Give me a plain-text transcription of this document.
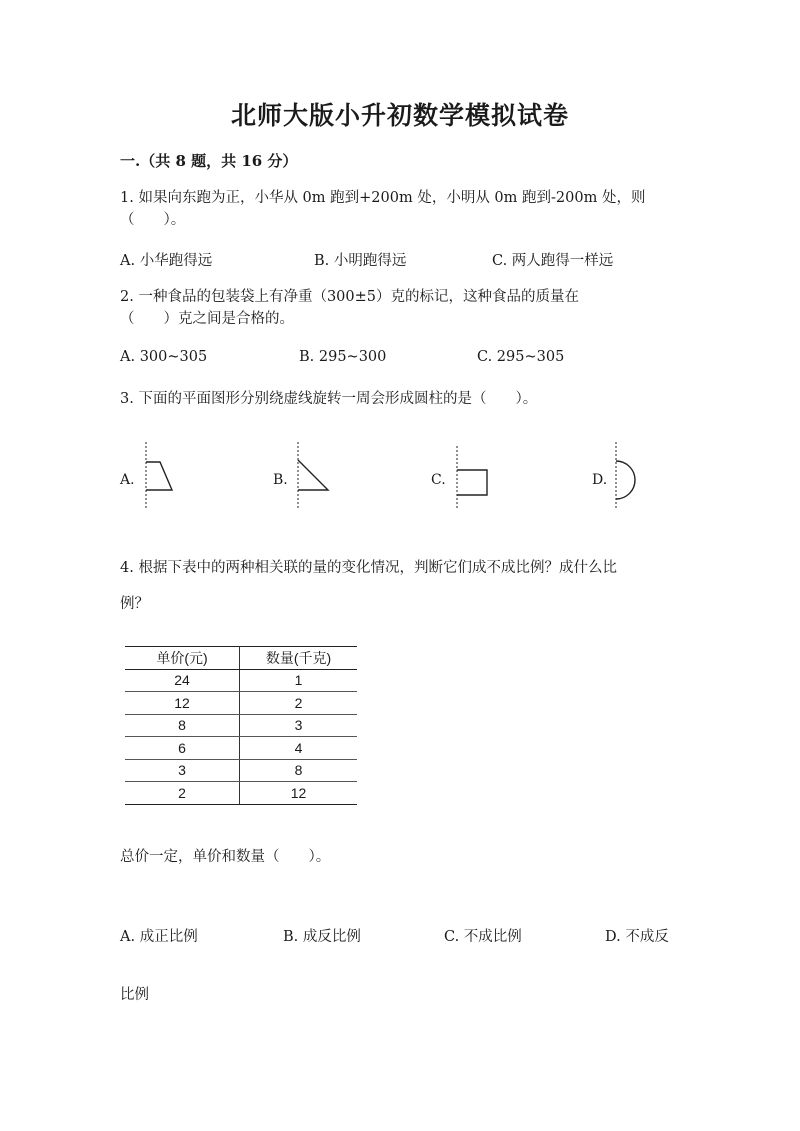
北师大版小升初数学模拟试卷
一.（共 8 题，共 16 分）
1. 如果向东跑为正，小华从 0m 跑到+200m 处，小明从 0m 跑到-200m 处，则
（　　）。
A. 小华跑得远	B. 小明跑得远	C. 两人跑得一样远
2. 一种食品的包装袋上有净重（300±5）克的标记，这种食品的质量在
（　　）克之间是合格的。
A. 300~305	B. 295~300	C. 295~305
3. 下面的平面图形分别绕虚线旋转一周会形成圆柱的是（　　）。
A.	B.	C.	D.
4. 根据下表中的两种相关联的量的变化情况，判断它们成不成比例？成什么比
例？
单价(元)	数量(千克)
24	1
12	2
8	3
6	4
3	8
2	12
总价一定，单价和数量（　　）。
A. 成正比例	B. 成反比例	C. 不成比例	D. 不成反
比例
